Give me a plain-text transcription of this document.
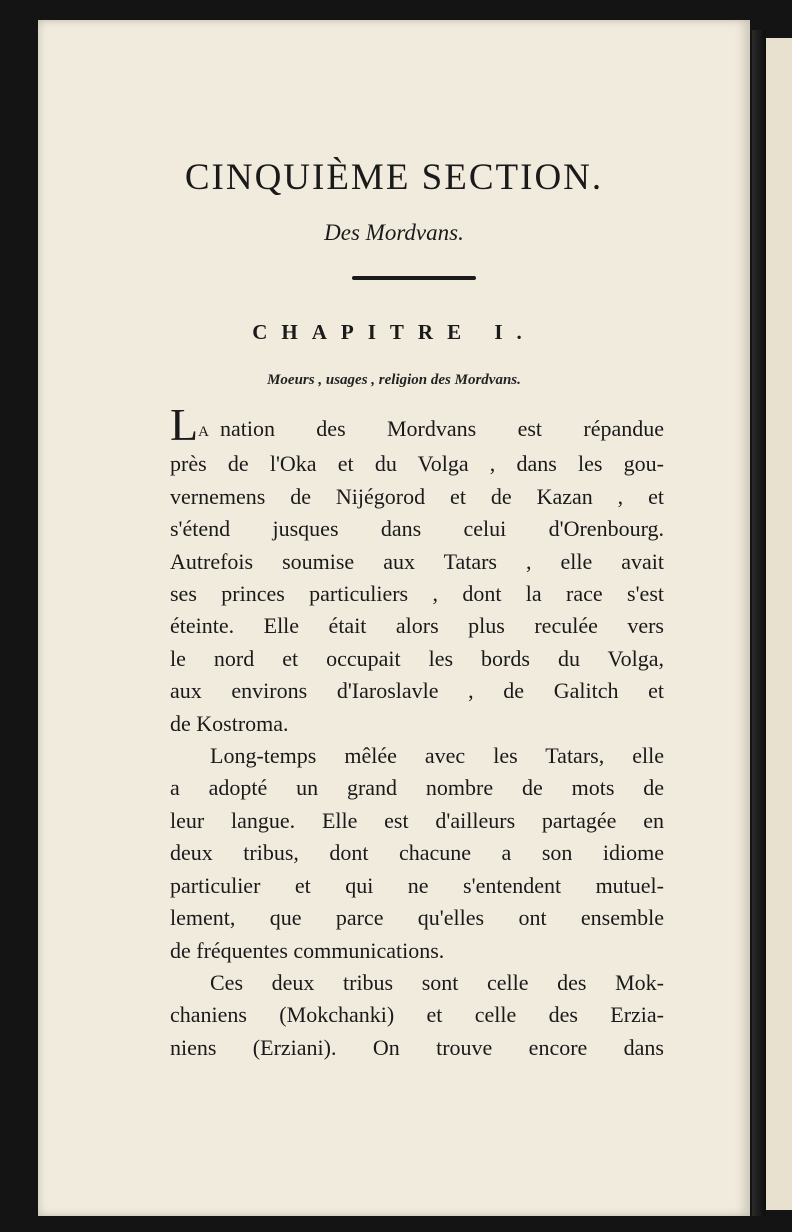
CINQUIÈME SECTION.
Des Mordvans.
CHAPITRE I.
Moeurs , usages , religion des Mordvans.
LA nation des Mordvans est répandue
près de l'Oka et du Volga , dans les gou-
vernemens de Nijégorod et de Kazan , et
s'étend jusques dans celui d'Orenbourg.
Autrefois soumise aux Tatars , elle avait
ses princes particuliers , dont la race s'est
éteinte. Elle était alors plus reculée vers
le nord et occupait les bords du Volga,
aux environs d'Iaroslavle , de Galitch et
de Kostroma.
Long-temps mêlée avec les Tatars, elle
a adopté un grand nombre de mots de
leur langue. Elle est d'ailleurs partagée en
deux tribus, dont chacune a son idiome
particulier et qui ne s'entendent mutuel-
lement, que parce qu'elles ont ensemble
de fréquentes communications.
Ces deux tribus sont celle des Mok-
chaniens (Mokchanki) et celle des Erzia-
niens (Erziani). On trouve encore dans
